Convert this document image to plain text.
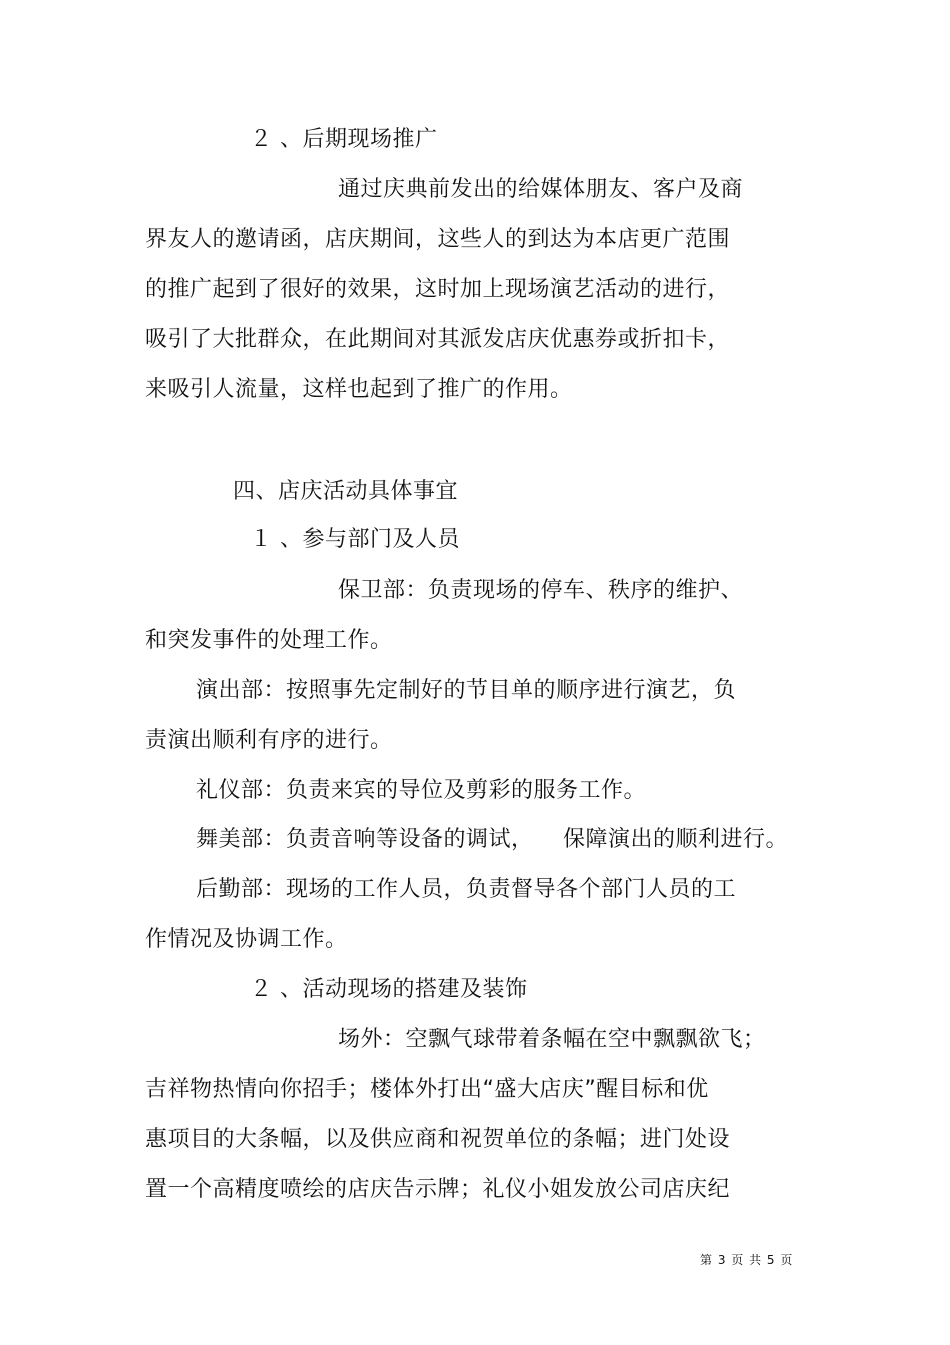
２ 、后期现场推广
通过庆典前发出的给媒体朋友、客户及商
界友人的邀请函，店庆期间，这些人的到达为本店更广范围
的推广起到了很好的效果，这时加上现场演艺活动的进行，
吸引了大批群众，在此期间对其派发店庆优惠券或折扣卡，
来吸引人流量，这样也起到了推广的作用。
四、店庆活动具体事宜
１ 、参与部门及人员
保卫部：负责现场的停车、秩序的维护、
和突发事件的处理工作。
演出部：按照事先定制好的节目单的顺序进行演艺，负
责演出顺利有序的进行。
礼仪部：负责来宾的导位及剪彩的服务工作。
舞美部：负责音响等设备的调试， 保障演出的顺利进行。
后勤部：现场的工作人员，负责督导各个部门人员的工
作情况及协调工作。
２ 、活动现场的搭建及装饰
场外：空飘气球带着条幅在空中飘飘欲飞；
吉祥物热情向你招手；楼体外打出“盛大店庆”醒目标和优
惠项目的大条幅，以及供应商和祝贺单位的条幅；进门处设
置一个高精度喷绘的店庆告示牌；礼仪小姐发放公司店庆纪
第 3 页 共 5 页
